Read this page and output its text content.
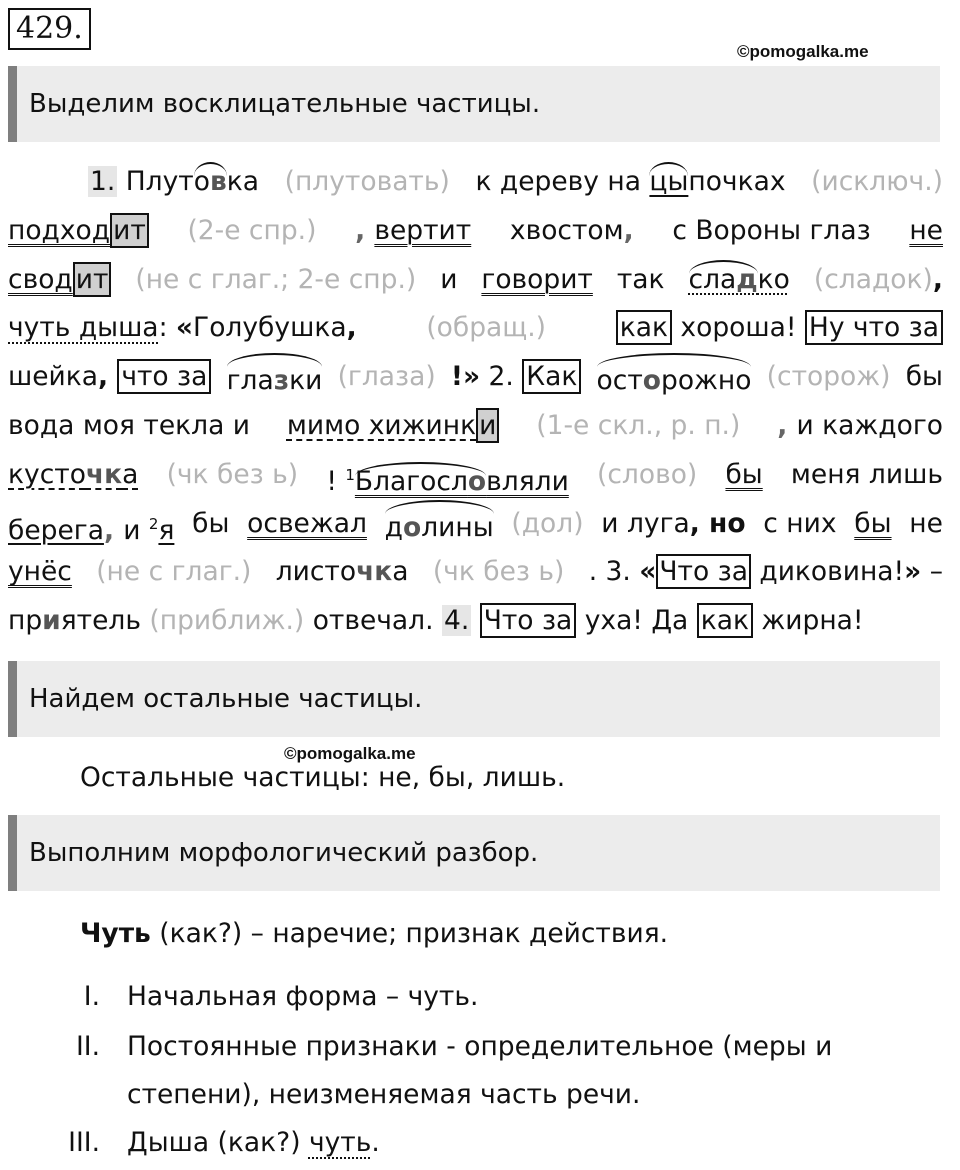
429.
©pomogalka.me
Выделим восклицательные частицы.
1. Плутовка (плутовать) к дереву на цыпочках (исключ.)
подход ит (2-е спр.) , вертит хвостом, с Вороны глаз не
свод ит (не с глаг.; 2-е спр.) и говорит так сладко (сладок),
чуть дыша: «Голубушка,	(обращ.)	как хороша! Ну что за
шейка, что за глазки (глаза) !» 2. Как осторожно (сторож) бы
вода моя текла и мимо хижинк и (1-е скл., р. п.) , и каждого
кусточка (чк без ь) ! $^1$Благословляли (слово) бы меня лишь
берега, и $^2$я бы освежал долины (дол) и луга, но с них бы не
унёс (не с глаг.) листочка (чк без ь) . 3. « Что за диковина!» –
приятель (приближ.) отвечал. 4. Что за уха! Да как жирна!
Найдем остальные частицы.
©pomogalka.me
Остальные частицы: не, бы, лишь.
Выполним морфологический разбор.
Чуть (как?) – наречие; признак действия.
I. Начальная форма – чуть.
II. Постоянные признаки - определительное (меры и
степени), неизменяемая часть речи.
III. Дыша (как?) чуть.
